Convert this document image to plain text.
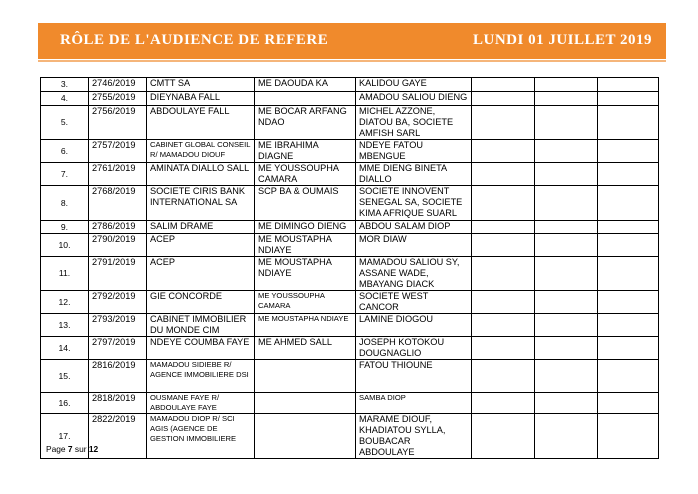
RÔLE DE L'AUDIENCE DE REFERE	LUNDI 01 JUILLET 2019
3.	2746/2019	CMTT SA	ME DAOUDA KA	KALIDOU GAYE			
4.	2755/2019	DIEYNABA FALL		AMADOU SALIOU DIENG			
5.	2756/2019	ABDOULAYE FALL	ME BOCAR ARFANG NDAO	MICHEL AZZONE, DIATOU BA, SOCIETE AMFISH SARL			
6.	2757/2019	CABINET GLOBAL CONSEIL R/ MAMADOU DIOUF	ME IBRAHIMA DIAGNE	NDEYE FATOU MBENGUE			
7.	2761/2019	AMINATA DIALLO SALL	ME YOUSSOUPHA CAMARA	MME DIENG BINETA DIALLO			
8.	2768/2019	SOCIETE CIRIS BANK INTERNATIONAL SA	SCP BA & OUMAIS	SOCIETE INNOVENT SENEGAL SA, SOCIETE KIMA AFRIQUE SUARL			
9.	2786/2019	SALIM DRAME	ME DIMINGO DIENG	ABDOU SALAM DIOP			
10.	2790/2019	ACEP	ME MOUSTAPHA NDIAYE	MOR DIAW			
11.	2791/2019	ACEP	ME MOUSTAPHA NDIAYE	MAMADOU SALIOU SY, ASSANE WADE, MBAYANG DIACK			
12.	2792/2019	GIE CONCORDE	ME YOUSSOUPHA CAMARA	SOCIETE WEST CANCOR			
13.	2793/2019	CABINET IMMOBILIER DU MONDE CIM	ME MOUSTAPHA NDIAYE	LAMINE DIOGOU			
14.	2797/2019	NDEYE COUMBA FAYE	ME AHMED SALL	JOSEPH KOTOKOU DOUGNAGLIO			
15.	2816/2019	MAMADOU SIDIEBE R/ AGENCE IMMOBILIERE DSI		FATOU THIOUNE			
16.	2818/2019	OUSMANE FAYE R/ ABDOULAYE FAYE		SAMBA DIOP			
17.	2822/2019	MAMADOU DIOP R/ SCI AGIS (AGENCE DE GESTION IMMOBILIERE		MARAME DIOUF, KHADIATOU SYLLA, BOUBACAR ABDOULAYE			
Page 7 sur 12
